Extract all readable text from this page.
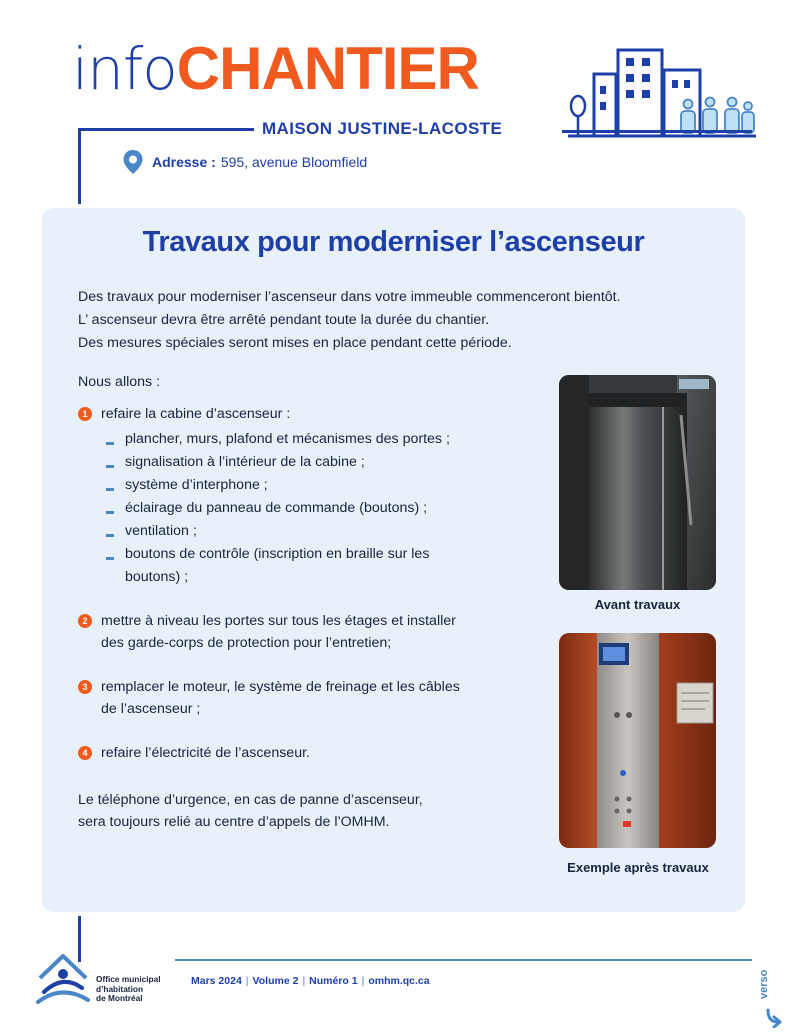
infoCHANTIER
MAISON JUSTINE-LACOSTE
Adresse : 595, avenue Bloomfield
Travaux pour moderniser l’ascenseur
Des travaux pour moderniser l’ascenseur dans votre immeuble commenceront bientôt.
L’ ascenseur devra être arrêté pendant toute la durée du chantier.
Des mesures spéciales seront mises en place pendant cette période.
Nous allons :
1 refaire la cabine d’ascenseur :
plancher, murs, plafond et mécanismes des portes ;
signalisation à l’intérieur de la cabine ;
système d’interphone ;
éclairage du panneau de commande (boutons) ;
ventilation ;
boutons de contrôle (inscription en braille sur les
boutons) ;
2 mettre à niveau les portes sur tous les étages et installer
des garde-corps de protection pour l’entretien;
3 remplacer le moteur, le système de freinage et les câbles
de l’ascenseur ;
4 refaire l’électricité de l’ascenseur.
Le téléphone d’urgence, en cas de panne d’ascenseur,
sera toujours relié au centre d’appels de l’OMHM.
Avant travaux
Exemple après travaux
Office municipal
d’habitation
de Montréal
Mars 2024 | Volume 2 | Numéro 1 | omhm.qc.ca	verso
